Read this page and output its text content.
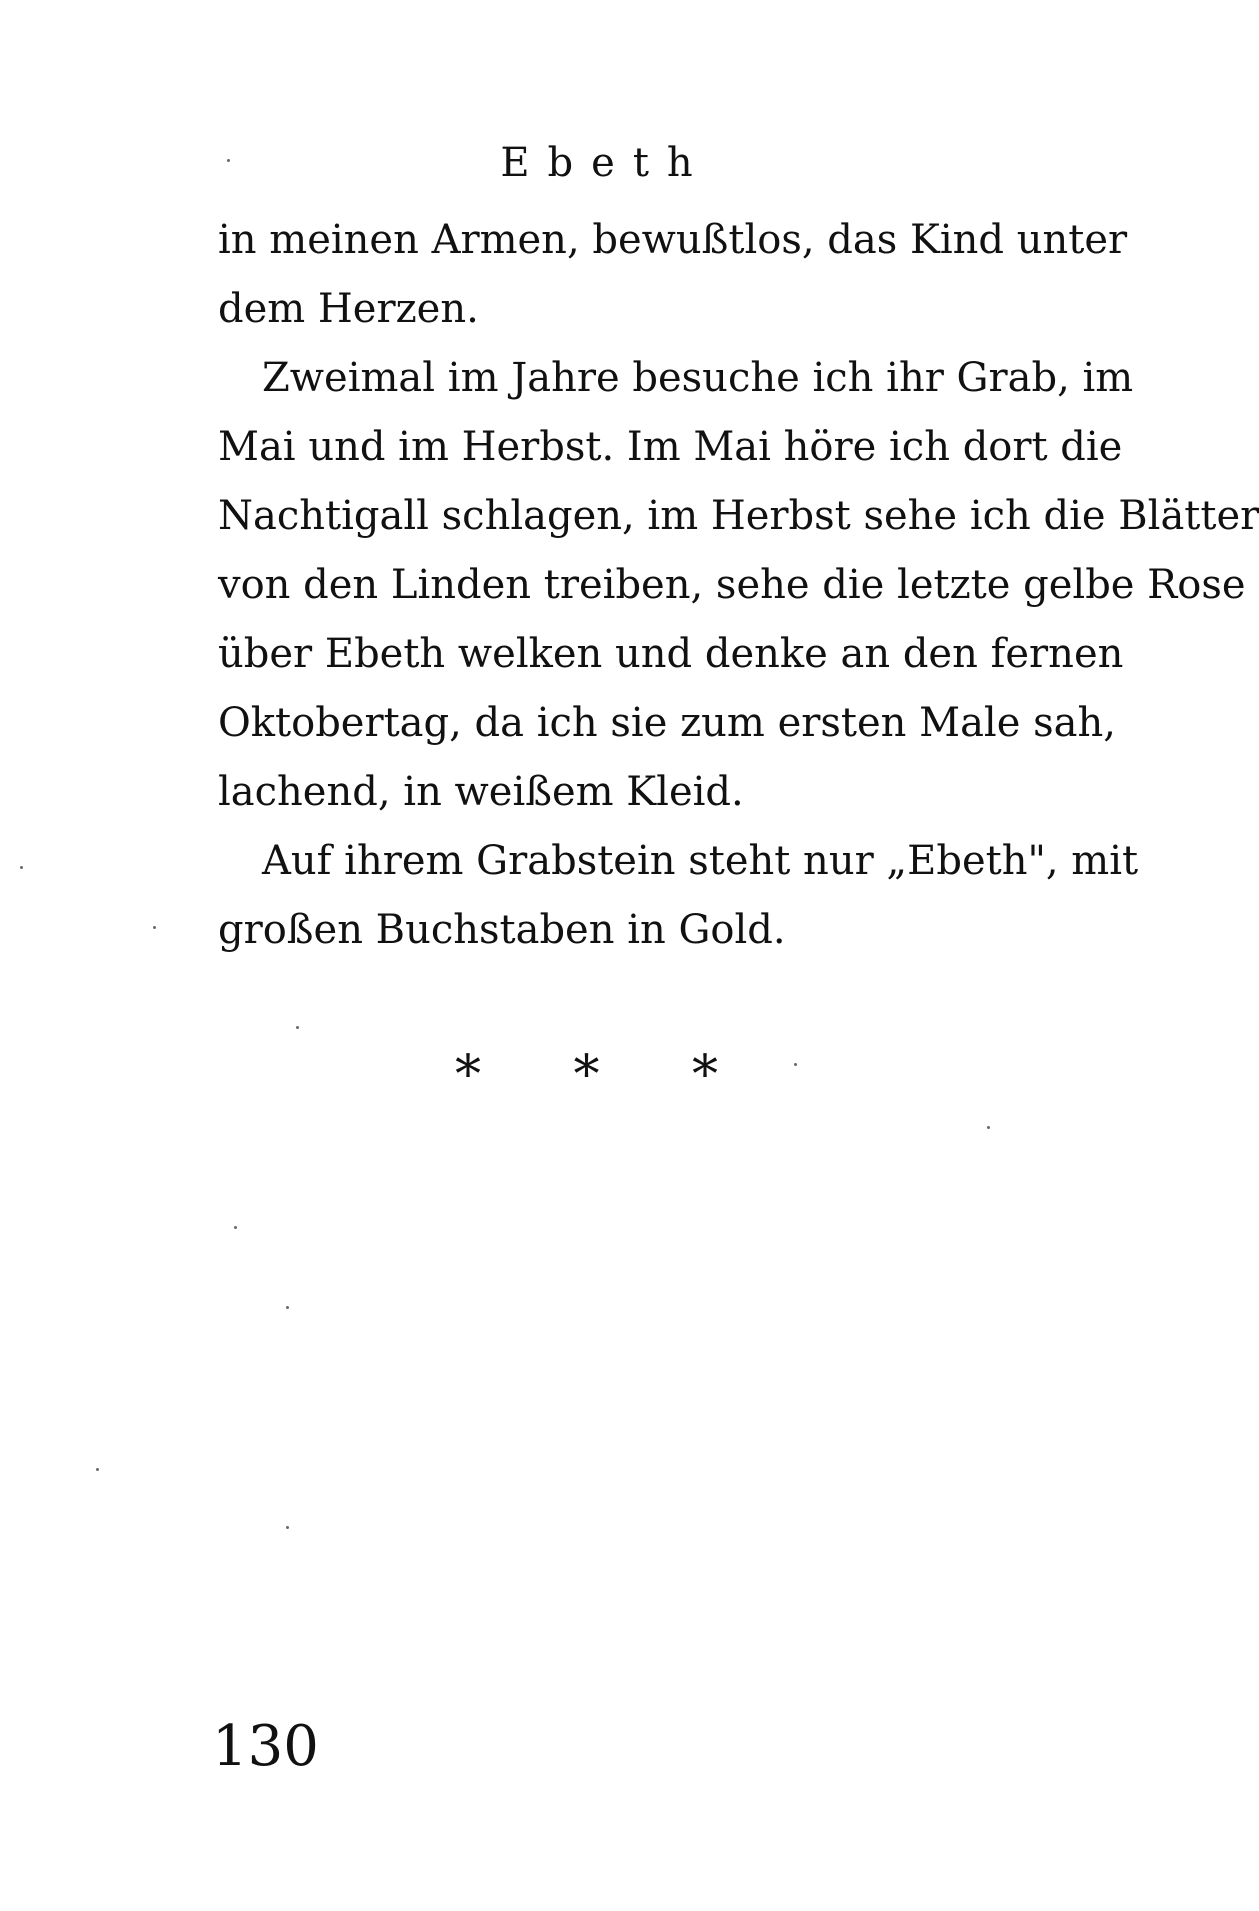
Ebeth

in meinen Armen, bewußtlos, das Kind unter
dem Herzen.

Zweimal im Jahre besuche ich ihr Grab, im
Mai und im Herbst. Im Mai höre ich dort die
Nachtigall schlagen, im Herbst sehe ich die Blätter
von den Linden treiben, sehe die letzte gelbe Rose
über Ebeth welken und denke an den fernen
Oktobertag, da ich sie zum ersten Male sah,
lachend, in weißem Kleid.

Auf ihrem Grabstein steht nur „Ebeth", mit
großen Buchstaben in Gold.

* * *
130
